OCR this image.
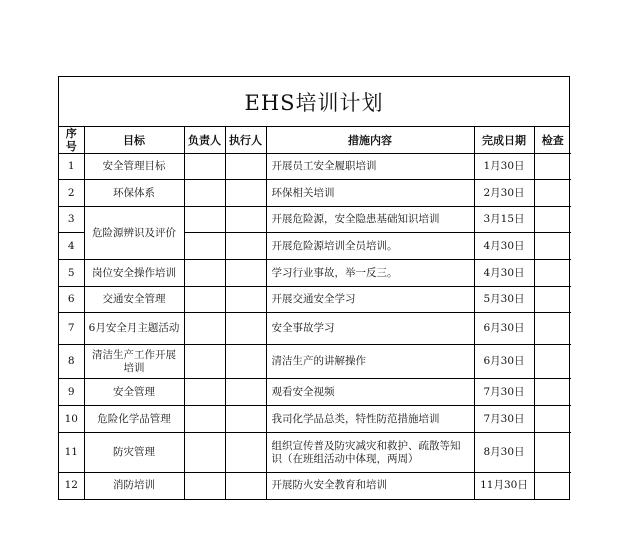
EHS培训计划
序号	目标	负责人	执行人	措施内容	完成日期	检查
1	安全管理目标			开展员工安全履职培训	1月30日	
2	环保体系			环保相关培训	2月30日	
3	危险源辨识及评价			开展危险源，安全隐患基础知识培训	3月15日	
4				开展危险源培训全员培训。	4月30日	
5	岗位安全操作培训			学习行业事故，举一反三。	4月30日	
6	交通安全管理			开展交通安全学习	5月30日	
7	6月安全月主题活动			安全事故学习	6月30日	
8	清洁生产工作开展培训			清洁生产的讲解操作	6月30日	
9	安全管理			观看安全视频	7月30日	
10	危险化学品管理			我司化学品总类，特性防范措施培训	7月30日	
11	防灾管理			组织宣传普及防灾减灾和救护、疏散等知识（在班组活动中体现，两周）	8月30日	
12	消防培训			开展防火安全教育和培训	11月30日	
